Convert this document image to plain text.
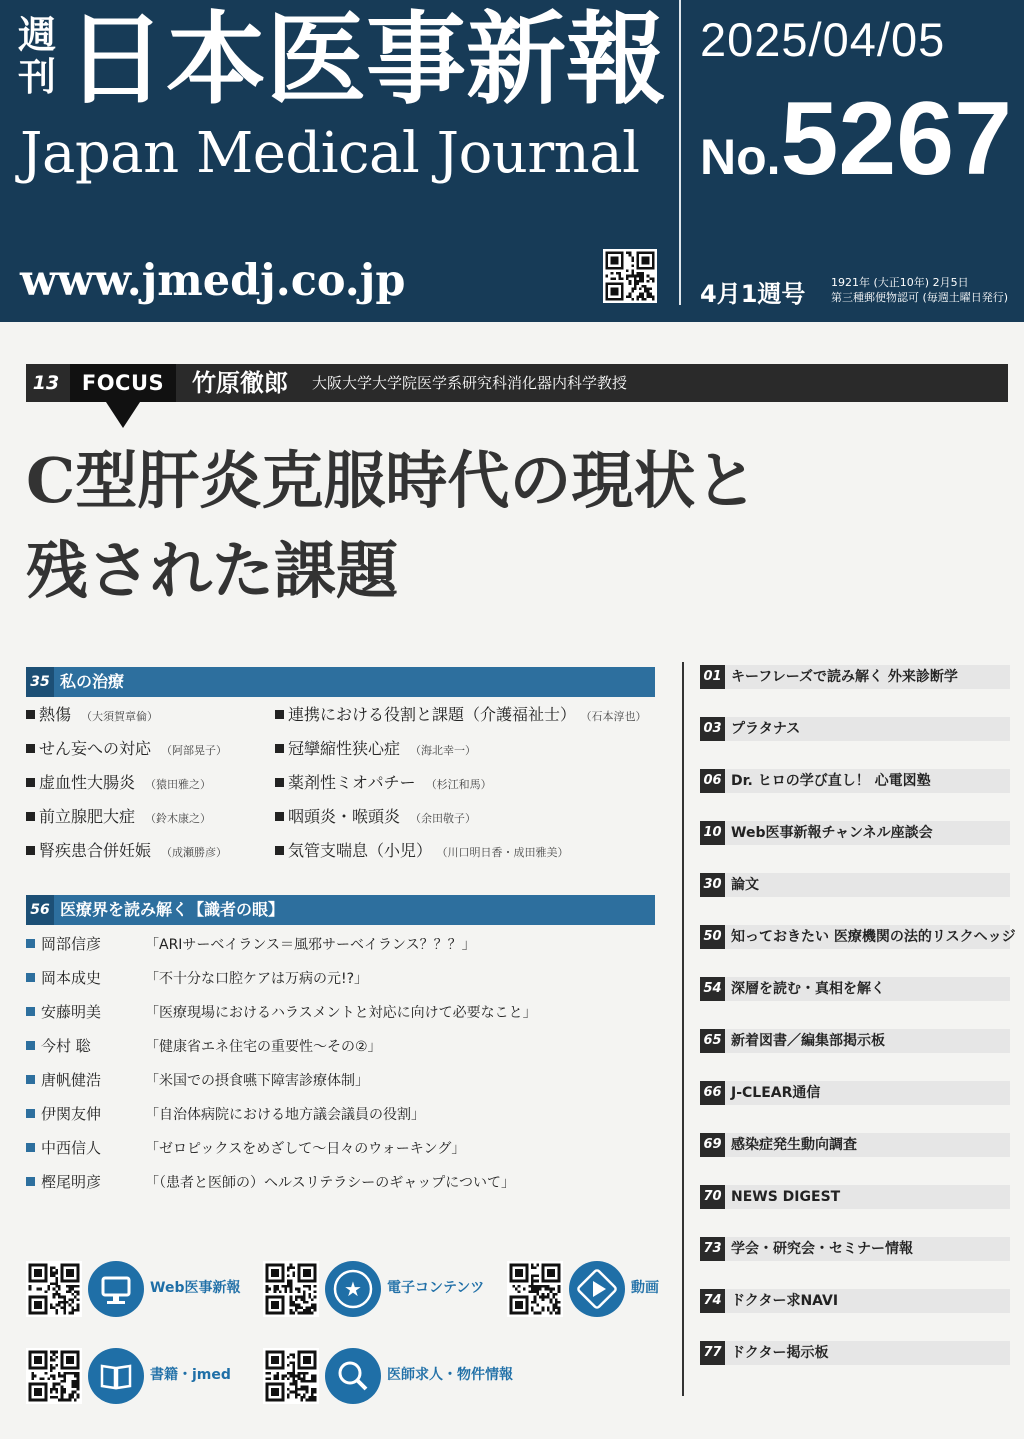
週刊 日本医事新報
Japan Medical Journal
www.jmedj.co.jp
2025/04/05
No.5267
4月1週号 1921年 (大正10年) 2月5日
第三種郵便物認可 (毎週土曜日発行)
13	FOCUS	竹原徹郎 大阪大学大学院医学系研究科消化器内科学教授
C型肝炎克服時代の現状と
残された課題
35 私の治療
熱傷 （大須賀章倫）	連携における役割と課題（介護福祉士） （石本淳也）
せん妄への対応 （阿部晃子）	冠攣縮性狭心症 （海北幸一）
虚血性大腸炎 （猿田雅之）	薬剤性ミオパチー （杉江和馬）
前立腺肥大症 （鈴木康之）	咽頭炎・喉頭炎 （余田敬子）
腎疾患合併妊娠 （成瀬勝彦）	気管支喘息（小児） （川口明日香・成田雅美）
56 医療界を読み解く【識者の眼】
岡部信彦	「ARIサーベイランス＝風邪サーベイランス？？？」
岡本成史	「不十分な口腔ケアは万病の元!?」
安藤明美	「医療現場におけるハラスメントと対応に向けて必要なこと」
今村 聡	「健康省エネ住宅の重要性～その②」
唐帆健浩	「米国での摂食嚥下障害診療体制」
伊関友伸	「自治体病院における地方議会議員の役割」
中西信人	「ゼロピックスをめざして～日々のウォーキング」
樫尾明彦	「（患者と医師の）ヘルスリテラシーのギャップについて」
Web医事新報	★ 電子コンテンツ	動画
書籍・jmed	医師求人・物件情報
01 キーフレーズで読み解く 外来診断学
03 プラタナス
06 Dr. ヒロの学び直し！ 心電図塾
10 Web医事新報チャンネル座談会
30 論文
50 知っておきたい 医療機関の法的リスクヘッジ
54 深層を読む・真相を解く
65 新着図書／編集部掲示板
66 J-CLEAR通信
69 感染症発生動向調査
70 NEWS DIGEST
73 学会・研究会・セミナー情報
74 ドクター求NAVI
77 ドクター掲示板
